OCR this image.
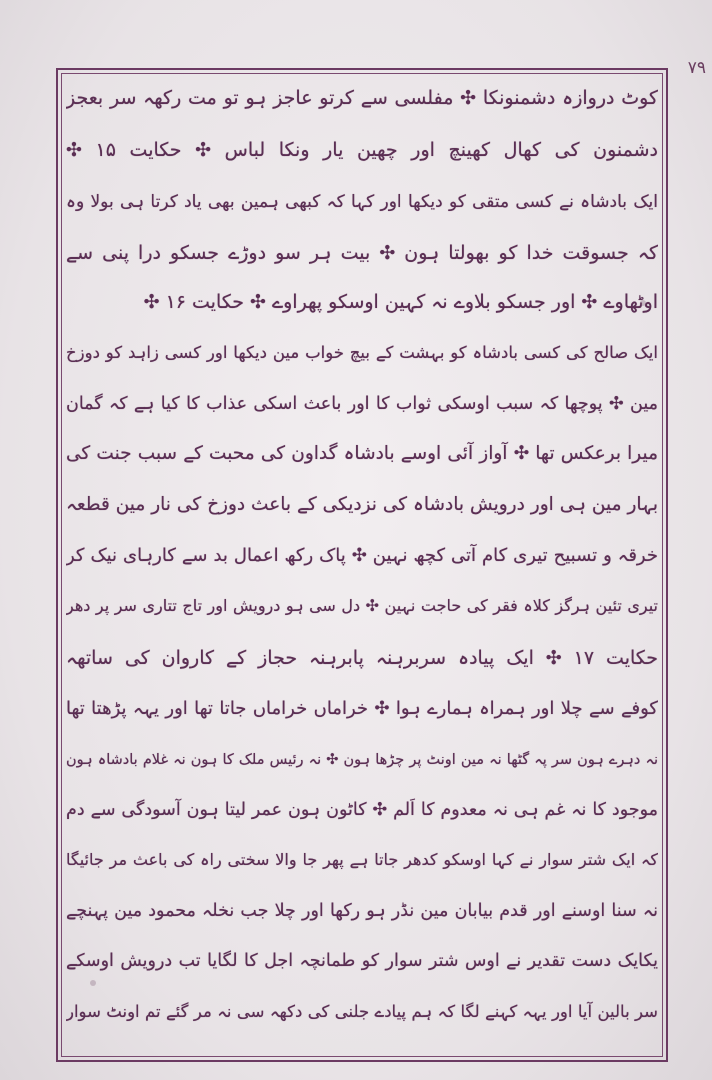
۷۹
کوٹ دروازہ دشمنونکا ✣ مفلسی سے کرتو عاجز ہو تو مت رکھہ سر بعجز
دشمنون کی کھال کھینچ اور چھین یار ونکا لباس ✣ حکایت ۱۵ ✣
ایک بادشاہ نے کسی متقی کو دیکھا اور کہا کہ کبھی ہمین بھی یاد کرتا ہی بولا وہ
کہ جسوقت خدا کو بھولتا ہون ✣ بیت ہر سو دوڑے جسکو درا پنی سے
اوٹھاوے ✣ اور جسکو بلاوے نہ کہین اوسکو پھراوے ✣ حکایت ۱۶ ✣
ایک صالح کی کسی بادشاہ کو بہشت کے بیچ خواب مین دیکھا اور کسی زاہد کو دوزخ
مین ✣ پوچھا کہ سبب اوسکی ثواب کا اور باعث اسکی عذاب کا کیا ہے کہ گمان
میرا برعکس تھا ✣ آواز آئی اوسے بادشاہ گداون کی محبت کے سبب جنت کی
بہار مین ہی اور درویش بادشاہ کی نزدیکی کے باعث دوزخ کی نار مین قطعہ
خرقہ و تسبیح تیری کام آتی کچھ نہین ✣ پاک رکھ اعمال بد سے کارہای نیک کر
تیری تئین ہرگز کلاہ فقر کی حاجت نہین ✣ دل سی ہو درویش اور تاج تتاری سر پر دھر
حکایت ۱۷ ✣ ایک پیادہ سربرہنہ پابرہنہ حجاز کے کاروان کی ساتھہ
کوفے سے چلا اور ہمراہ ہمارے ہوا ✣ خراماں خراماں جاتا تھا اور یہہ پڑھتا تھا
نہ دہرے ہون سر پہ گٹھا نہ مین اونٹ پر چڑھا ہون ✣ نہ رئیس ملک کا ہون نہ غلام بادشاہ ہون
موجود کا نہ غم ہی نہ معدوم کا اَلم ✣ کاٹون ہون عمر لیتا ہون آسودگی سے دم
کہ ایک شتر سوار نے کہا اوسکو کدھر جاتا ہے پھر جا والا سختی راہ کی باعث مر جائیگا
نہ سنا اوسنے اور قدم بیابان مین نڈر ہو رکھا اور چلا جب نخلہ محمود مین پہنچے
یکایک دست تقدیر نے اوس شتر سوار کو طمانچہ اجل کا لگایا تب درویش اوسکے
سر بالین آیا اور یہہ کہنے لگا کہ ہم پیادے جلنی کی دکھہ سی نہ مر گئے تم اونٹ سوار
